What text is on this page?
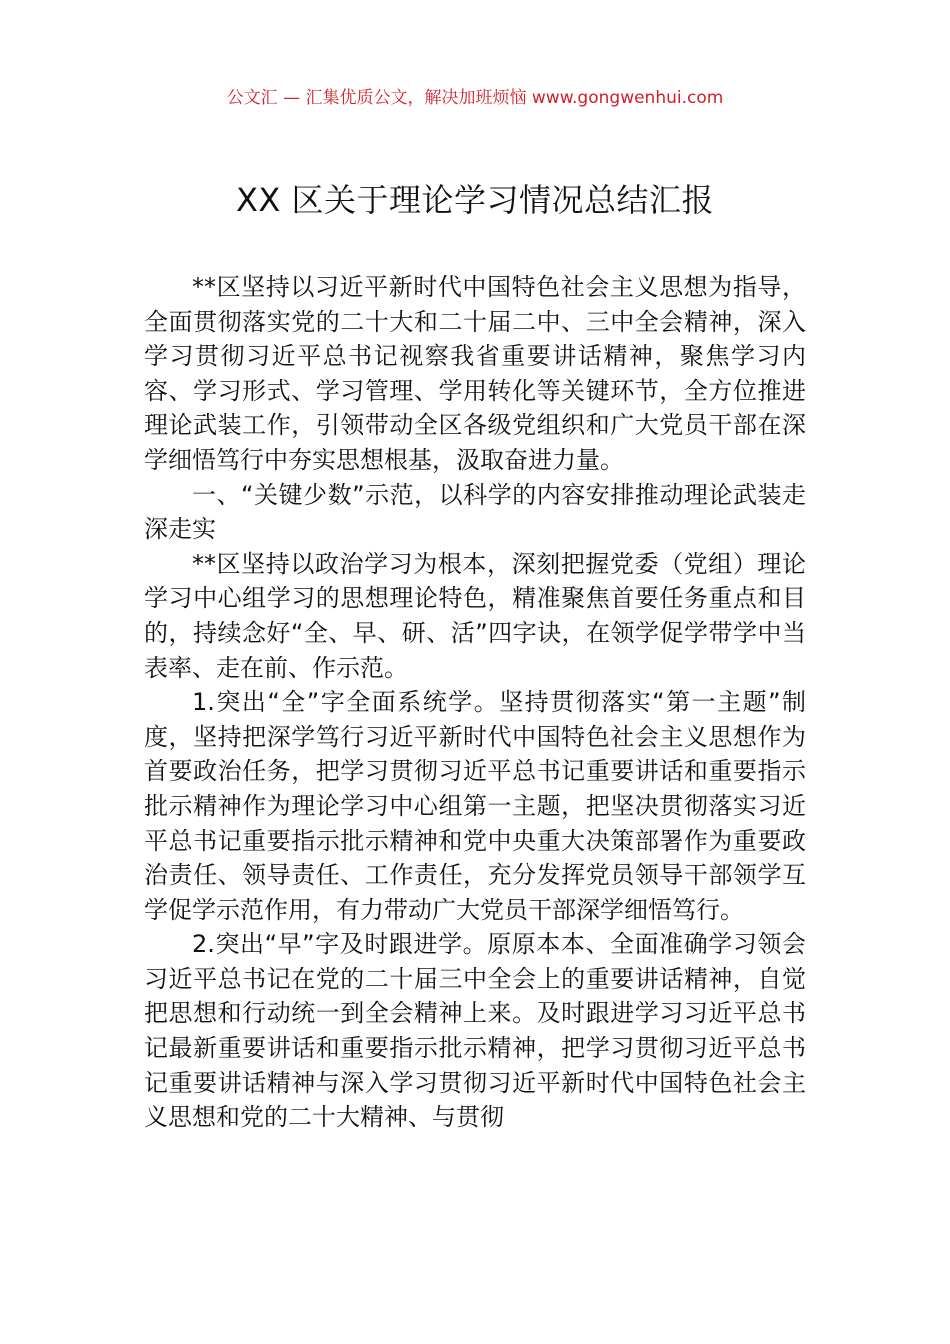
公文汇 — 汇集优质公文，解决加班烦恼 www.gongwenhui.com
XX 区关于理论学习情况总结汇报

**区坚持以习近平新时代中国特色社会主义思想为指导，全面贯彻落实党的二十大和二十届二中、三中全会精神，深入学习贯彻习近平总书记视察我省重要讲话精神，聚焦学习内容、学习形式、学习管理、学用转化等关键环节，全方位推进理论武装工作，引领带动全区各级党组织和广大党员干部在深学细悟笃行中夯实思想根基，汲取奋进力量。

一、“关键少数”示范，以科学的内容安排推动理论武装走深走实

**区坚持以政治学习为根本，深刻把握党委（党组）理论学习中心组学习的思想理论特色，精准聚焦首要任务重点和目的，持续念好“全、早、研、活”四字诀，在领学促学带学中当表率、走在前、作示范。

1.突出“全”字全面系统学。坚持贯彻落实“第一主题”制度，坚持把深学笃行习近平新时代中国特色社会主义思想作为首要政治任务，把学习贯彻习近平总书记重要讲话和重要指示批示精神作为理论学习中心组第一主题，把坚决贯彻落实习近平总书记重要指示批示精神和党中央重大决策部署作为重要政治责任、领导责任、工作责任，充分发挥党员领导干部领学互学促学示范作用，有力带动广大党员干部深学细悟笃行。

2.突出“早”字及时跟进学。原原本本、全面准确学习领会习近平总书记在党的二十届三中全会上的重要讲话精神，自觉把思想和行动统一到全会精神上来。及时跟进学习习近平总书记最新重要讲话和重要指示批示精神，把学习贯彻习近平总书记重要讲话精神与深入学习贯彻习近平新时代中国特色社会主义思想和党的二十大精神、与贯彻
